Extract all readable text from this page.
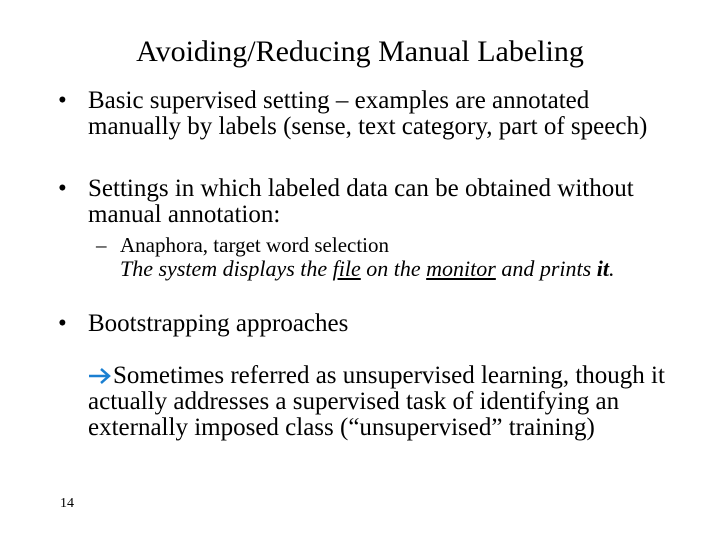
Avoiding/Reducing Manual Labeling
• Basic supervised setting – examples are annotated manually by labels (sense, text category, part of speech)
• Settings in which labeled data can be obtained without manual annotation:
– Anaphora, target word selection
The system displays the file on the monitor and prints it.
• Bootstrapping approaches
Sometimes referred as unsupervised learning, though it actually addresses a supervised task of identifying an externally imposed class (“unsupervised” training)
14
